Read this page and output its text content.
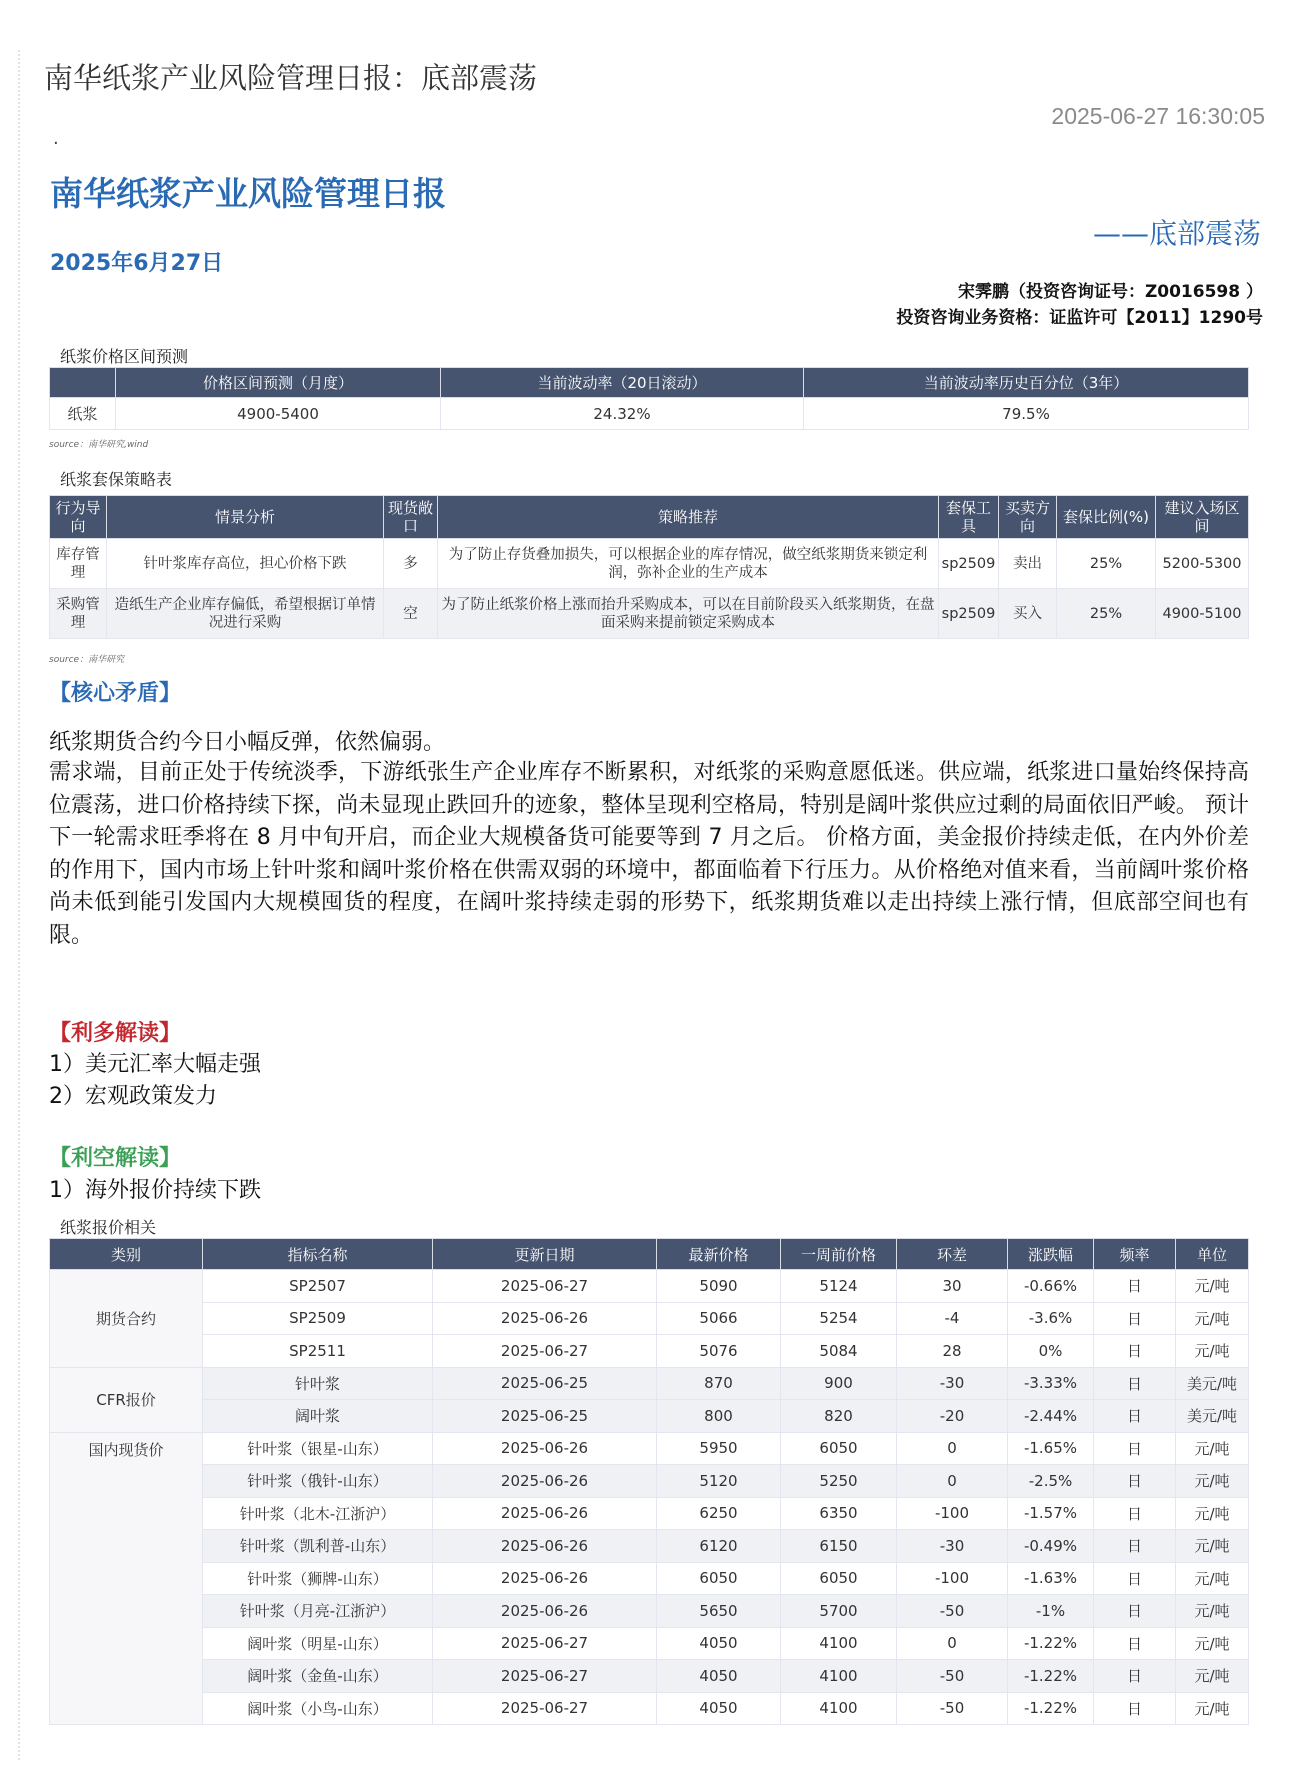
南华纸浆产业风险管理日报：底部震荡
2025-06-27 16:30:05
.
南华纸浆产业风险管理日报
——底部震荡
2025年6月27日
宋霁鹏（投资咨询证号：Z0016598 ）
投资咨询业务资格：证监许可【2011】1290号
纸浆价格区间预测
	价格区间预测（月度）	当前波动率（20日滚动）	当前波动率历史百分位（3年）
纸浆	4900-5400	24.32%	79.5%
source：南华研究,wind
纸浆套保策略表
行为导向	情景分析	现货敞口	策略推荐	套保工具	买卖方向	套保比例(%)	建议入场区间
库存管理	针叶浆库存高位，担心价格下跌	多	为了防止存货叠加损失，可以根据企业的库存情况，做空纸浆期货来锁定利润，弥补企业的生产成本	sp2509	卖出	25%	5200-5300
采购管理	造纸生产企业库存偏低，希望根据订单情况进行采购	空	为了防止纸浆价格上涨而抬升采购成本，可以在目前阶段买入纸浆期货，在盘面采购来提前锁定采购成本	sp2509	买入	25%	4900-5100
source：南华研究
【核心矛盾】
纸浆期货合约今日小幅反弹，依然偏弱。
需求端，目前正处于传统淡季，下游纸张生产企业库存不断累积，对纸浆的采购意愿低迷。供应端，纸浆进口量始终保持高位震荡，进口价格持续下探，尚未显现止跌回升的迹象，整体呈现利空格局，特别是阔叶浆供应过剩的局面依旧严峻。 预计下一轮需求旺季将在 8 月中旬开启，而企业大规模备货可能要等到 7 月之后。 价格方面，美金报价持续走低，在内外价差的作用下，国内市场上针叶浆和阔叶浆价格在供需双弱的环境中，都面临着下行压力。从价格绝对值来看，当前阔叶浆价格尚未低到能引发国内大规模囤货的程度，在阔叶浆持续走弱的形势下，纸浆期货难以走出持续上涨行情，但底部空间也有限。
【利多解读】
1）美元汇率大幅走强
2）宏观政策发力
【利空解读】
1）海外报价持续下跌
纸浆报价相关
类别	指标名称	更新日期	最新价格	一周前价格	环差	涨跌幅	频率	单位
期货合约	SP2507	2025-06-27	5090	5124	30	-0.66%	日	元/吨
	SP2509	2025-06-26	5066	5254	-4	-3.6%	日	元/吨
	SP2511	2025-06-27	5076	5084	28	0%	日	元/吨
CFR报价	针叶浆	2025-06-25	870	900	-30	-3.33%	日	美元/吨
	阔叶浆	2025-06-25	800	820	-20	-2.44%	日	美元/吨
国内现货价	针叶浆（银星-山东）	2025-06-26	5950	6050	0	-1.65%	日	元/吨
	针叶浆（俄针-山东）	2025-06-26	5120	5250	0	-2.5%	日	元/吨
	针叶浆（北木-江浙沪）	2025-06-26	6250	6350	-100	-1.57%	日	元/吨
	针叶浆（凯利普-山东）	2025-06-26	6120	6150	-30	-0.49%	日	元/吨
	针叶浆（狮牌-山东）	2025-06-26	6050	6050	-100	-1.63%	日	元/吨
	针叶浆（月亮-江浙沪）	2025-06-26	5650	5700	-50	-1%	日	元/吨
	阔叶浆（明星-山东）	2025-06-27	4050	4100	0	-1.22%	日	元/吨
	阔叶浆（金鱼-山东）	2025-06-27	4050	4100	-50	-1.22%	日	元/吨
	阔叶浆（小鸟-山东）	2025-06-27	4050	4100	-50	-1.22%	日	元/吨
